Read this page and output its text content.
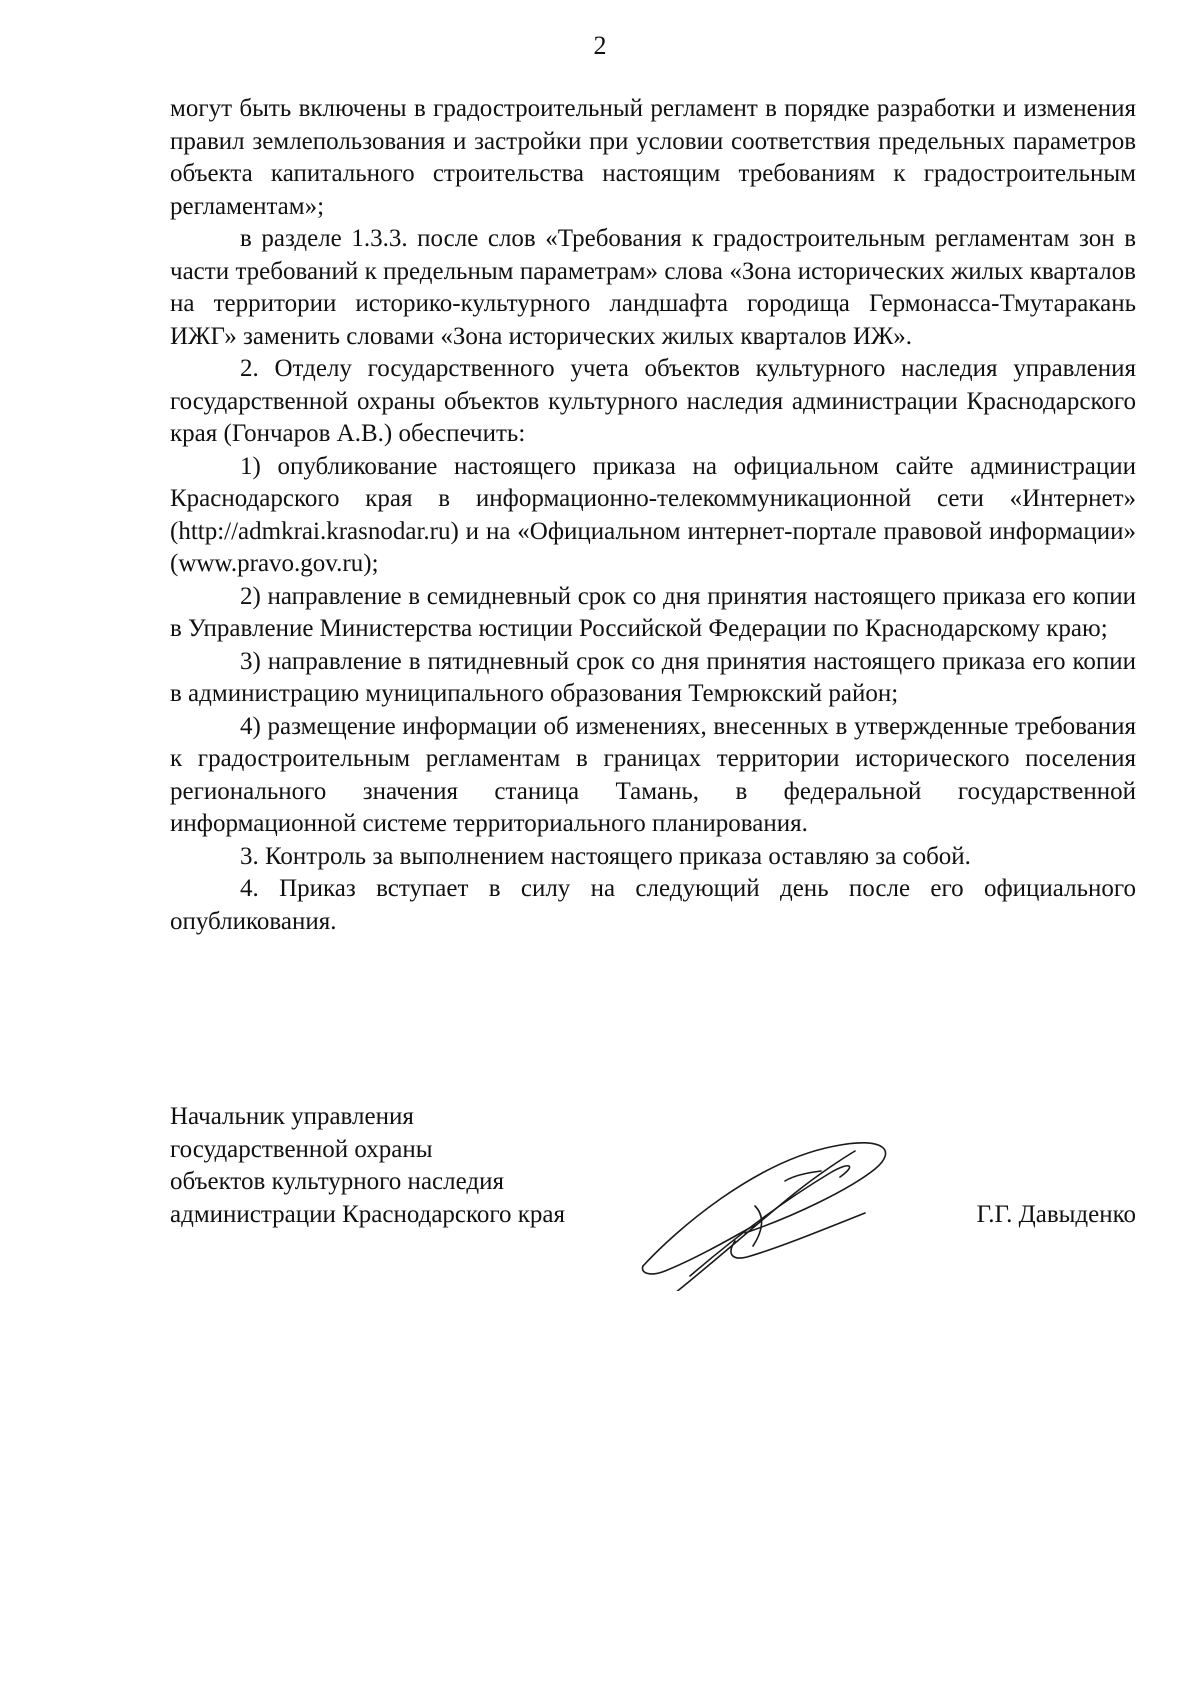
2

могут быть включены в градостроительный регламент в порядке разработки и изменения правил землепользования и застройки при условии соответствия предельных параметров объекта капитального строительства настоящим требованиям к градостроительным регламентам»;

в разделе 1.3.3. после слов «Требования к градостроительным регламентам зон в части требований к предельным параметрам» слова «Зона исторических жилых кварталов на территории историко-культурного ландшафта городища Гермонасса-Тмутаракань ИЖГ» заменить словами «Зона исторических жилых кварталов ИЖ».

2. Отделу государственного учета объектов культурного наследия управления государственной охраны объектов культурного наследия администрации Краснодарского края (Гончаров А.В.) обеспечить:

1) опубликование настоящего приказа на официальном сайте администрации Краснодарского края в информационно-телекоммуникационной сети «Интернет» (http://admkrai.krasnodar.ru) и на «Официальном интернет-портале правовой информации» (www.pravo.gov.ru);

2) направление в семидневный срок со дня принятия настоящего приказа его копии в Управление Министерства юстиции Российской Федерации по Краснодарскому краю;

3) направление в пятидневный срок со дня принятия настоящего приказа его копии в администрацию муниципального образования Темрюкский район;

4) размещение информации об изменениях, внесенных в утвержденные требования к градостроительным регламентам в границах территории исторического поселения регионального значения станица Тамань, в федеральной государственной информационной системе территориального планирования.

3. Контроль за выполнением настоящего приказа оставляю за собой.

4. Приказ вступает в силу на следующий день после его официального опубликования.

Начальник управления
государственной охраны
объектов культурного наследия
администрации Краснодарского края	Г.Г. Давыденко
